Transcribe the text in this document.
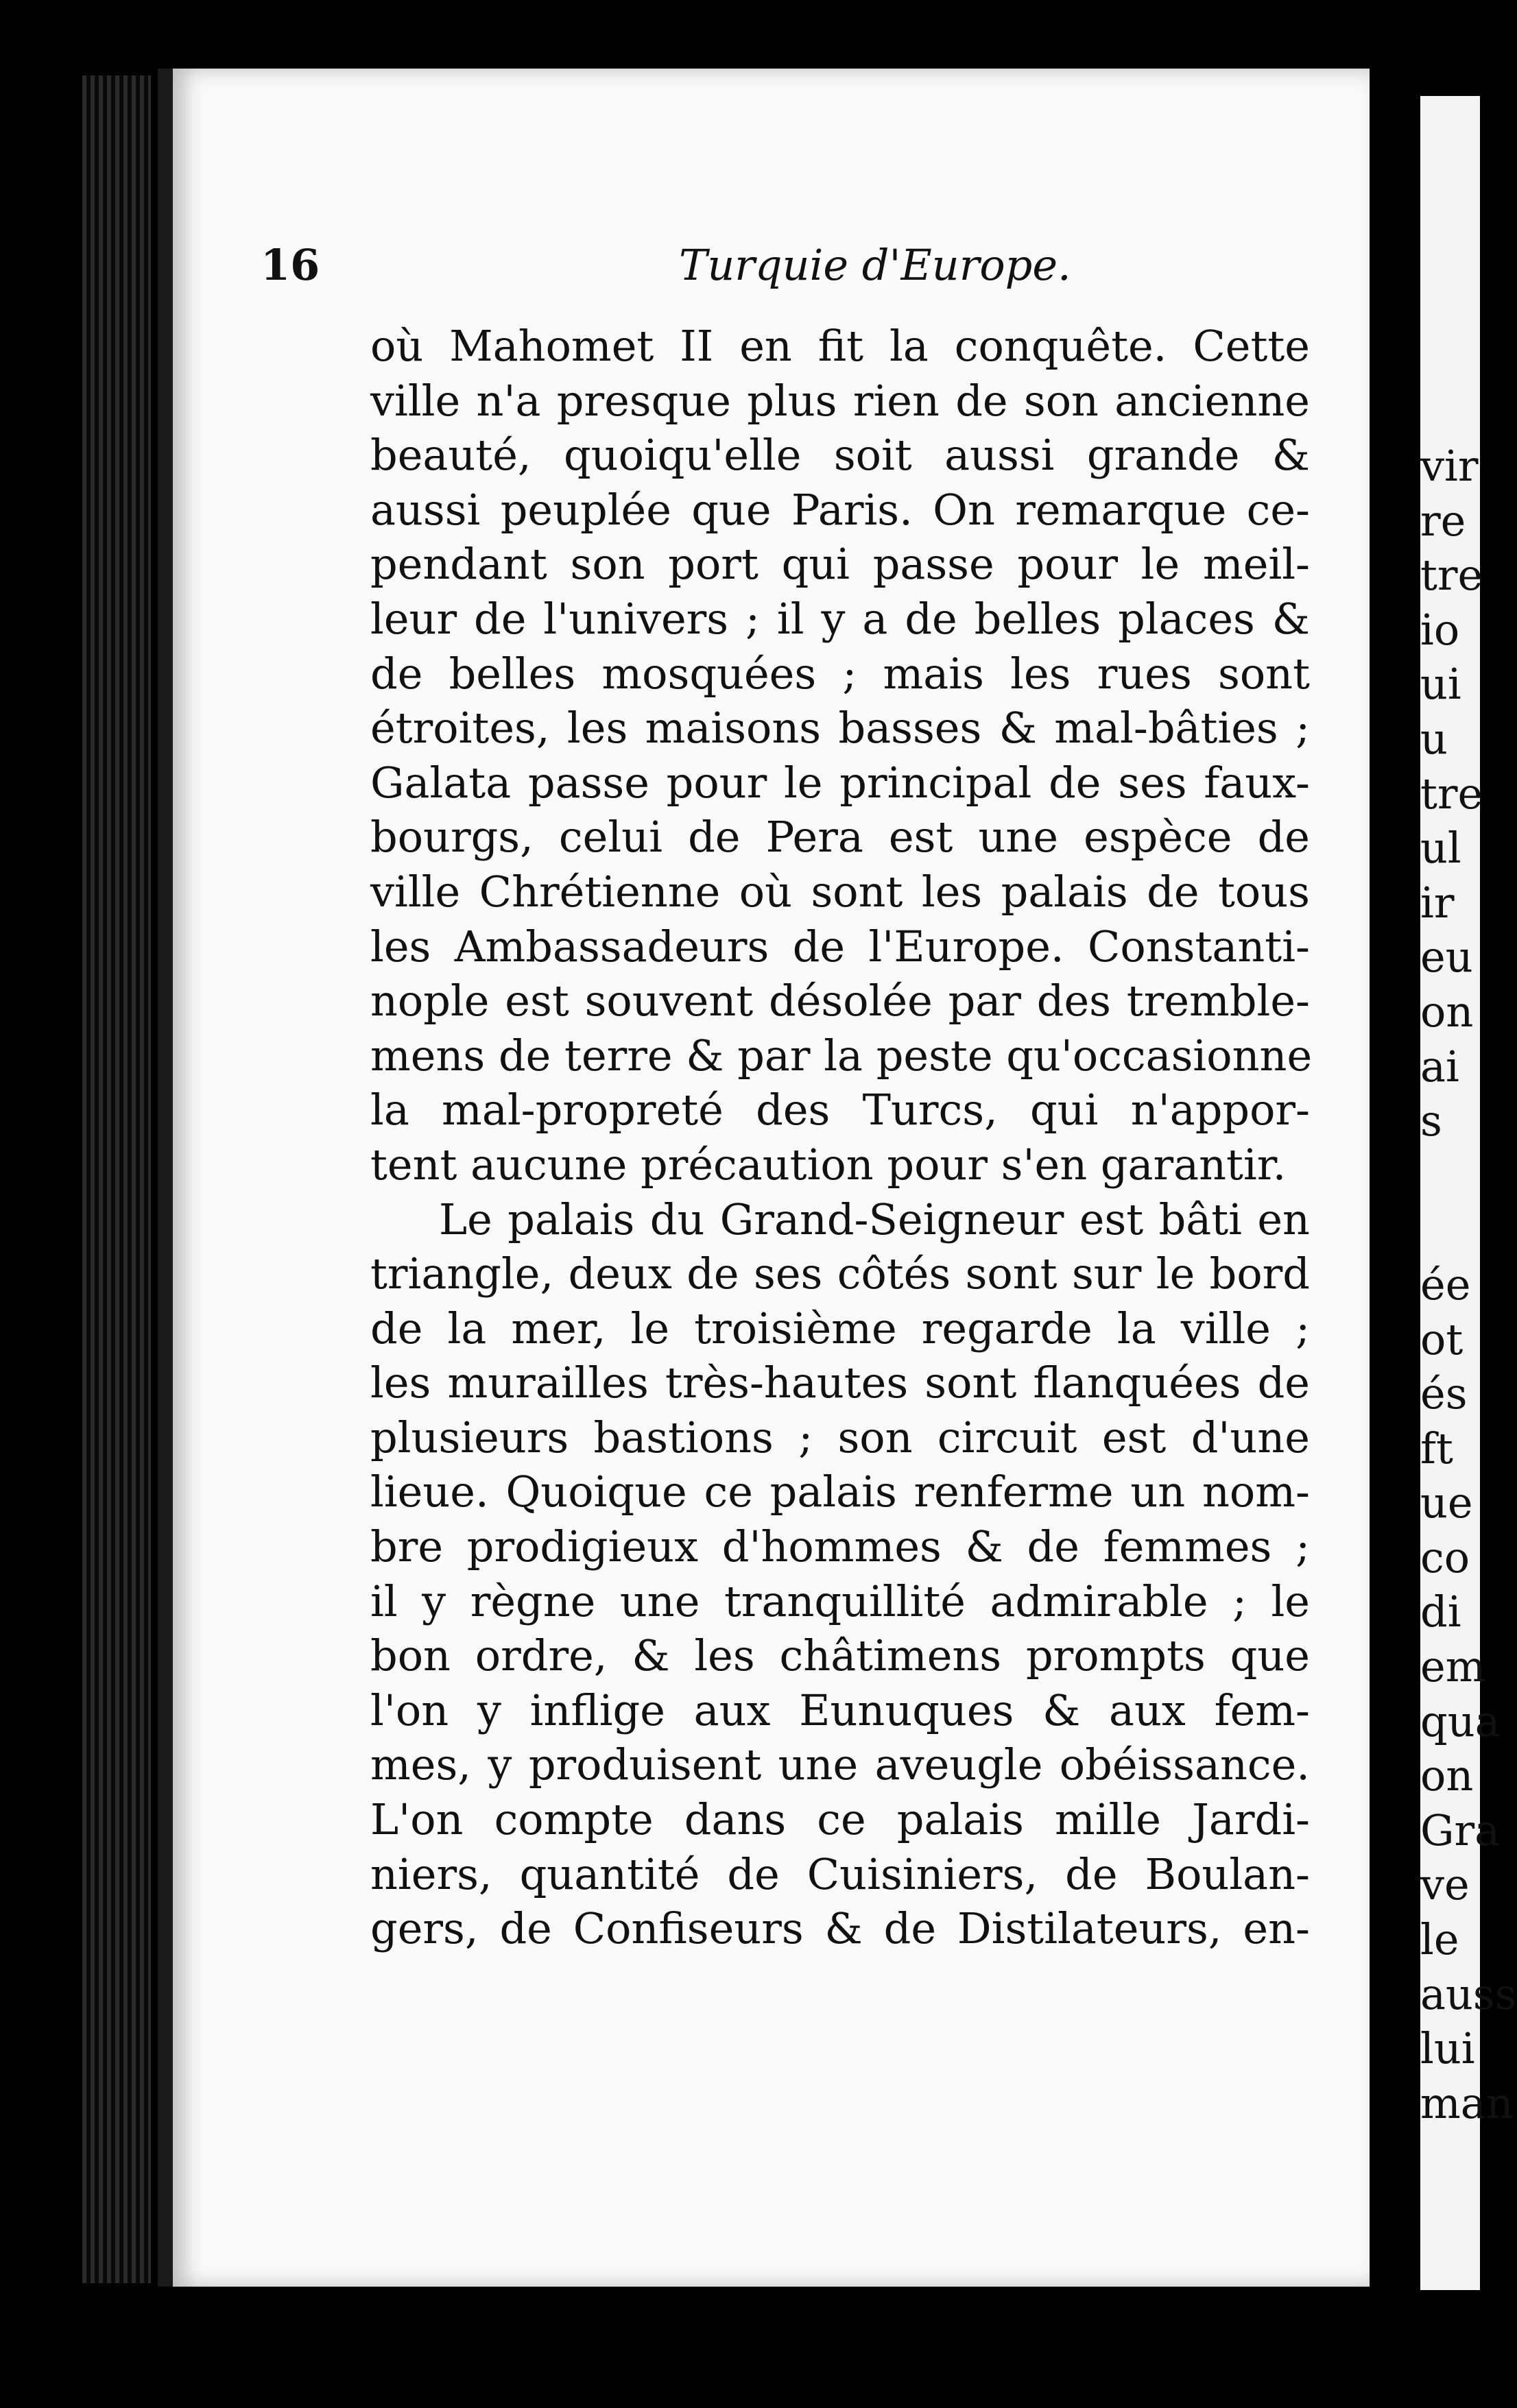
16	Turquie d'Europe.
où Mahomet II en fit la conquête. Cette
ville n'a presque plus rien de son ancienne
beauté, quoiqu'elle soit aussi grande &
aussi peuplée que Paris. On remarque ce-
pendant son port qui passe pour le meil-
leur de l'univers ; il y a de belles places &
de belles mosquées ; mais les rues sont
étroites, les maisons basses & mal-bâties ;
Galata passe pour le principal de ses faux-
bourgs, celui de Pera est une espèce de
ville Chrétienne où sont les palais de tous
les Ambassadeurs de l'Europe. Constanti-
nople est souvent désolée par des tremble-
mens de terre & par la peste qu'occasionne
la mal-propreté des Turcs, qui n'appor-
tent aucune précaution pour s'en garantir.
Le palais du Grand-Seigneur est bâti en
triangle, deux de ses côtés sont sur le bord
de la mer, le troisième regarde la ville ;
les murailles très-hautes sont flanquées de
plusieurs bastions ; son circuit est d'une
lieue. Quoique ce palais renferme un nom-
bre prodigieux d'hommes & de femmes ;
il y règne une tranquillité admirable ; le
bon ordre, & les châtimens prompts que
l'on y inflige aux Eunuques & aux fem-
mes, y produisent une aveugle obéissance.
L'on compte dans ce palais mille Jardi-
niers, quantité de Cuisiniers, de Boulan-
gers, de Confiseurs & de Distilateurs, en-
vir
re
tre
io
ui
u
tre
ul
ir
eu
on
ai
s

ée
ot
és
ft
ue
co
di
em
qua
on
Gra
ve
le
auss
lui
man
